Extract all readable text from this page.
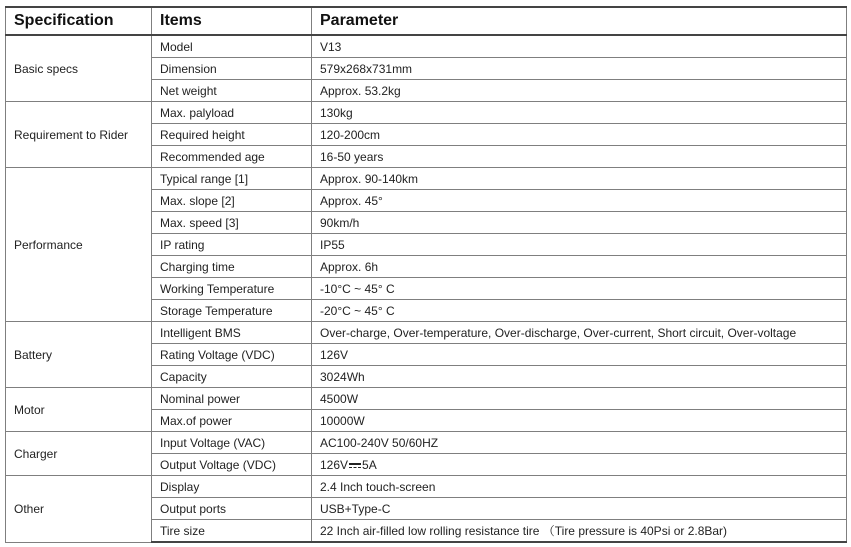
Specification	Items	Parameter
Basic specs	Model	V13
	Dimension	579x268x731mm
	Net weight	Approx. 53.2kg
Requirement to Rider	Max. palyload	130kg
	Required height	120-200cm
	Recommended age	16-50 years
Performance	Typical range [1]	Approx. 90-140km
	Max. slope [2]	Approx. 45°
	Max. speed [3]	90km/h
	IP rating	IP55
	Charging time	Approx. 6h
	Working Temperature	-10°C ~ 45° C
	Storage Temperature	-20°C ~ 45° C
Battery	Intelligent BMS	Over-charge, Over-temperature, Over-discharge, Over-current, Short circuit, Over-voltage
	Rating Voltage (VDC)	126V
	Capacity	3024Wh
Motor	Nominal power	4500W
	Max.of power	10000W
Charger	Input Voltage (VAC)	AC100-240V 50/60HZ
	Output Voltage (VDC)	126V 5A
Other	Display	2.4 Inch touch-screen
	Output ports	USB+Type-C
	Tire size	22 Inch air-filled low rolling resistance tire （Tire pressure is 40Psi or 2.8Bar)
